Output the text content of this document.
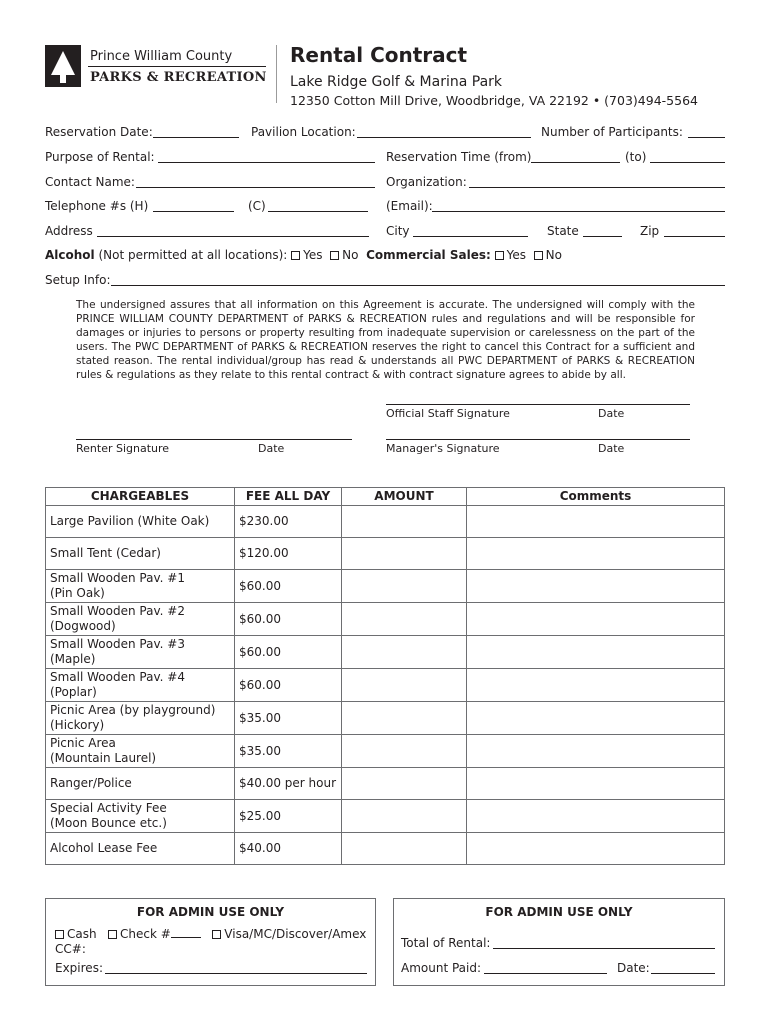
Prince William County
PARKS & RECREATION
Rental Contract
Lake Ridge Golf & Marina Park
12350 Cotton Mill Drive, Woodbridge, VA 22192 • (703)494-5564
Reservation Date:	Pavilion Location:	Number of Participants:
Purpose of Rental:	Reservation Time (from)	(to)
Contact Name:	Organization:
Telephone #s (H)	(C)	(Email):
Address	City	State	Zip
Alcohol (Not permitted at all locations): Yes No Commercial Sales: Yes No
Setup Info:
The undersigned assures that all information on this Agreement is accurate. The undersigned will comply with the PRINCE WILLIAM COUNTY DEPARTMENT of PARKS & RECREATION rules and regulations and will be responsible for damages or injuries to persons or property resulting from inadequate supervision or carelessness on the part of the users. The PWC DEPARTMENT of PARKS & RECREATION reserves the right to cancel this Contract for a sufficient and stated reason. The rental individual/group has read & understands all PWC DEPARTMENT of PARKS & RECREATION rules & regulations as they relate to this rental contract & with contract signature agrees to abide by all.
Official Staff Signature	Date
Renter Signature	Date	Manager's Signature	Date
CHARGEABLES	FEE ALL DAY	AMOUNT	Comments
Large Pavilion (White Oak)	$230.00		
Small Tent (Cedar)	$120.00		
Small Wooden Pav. #1
(Pin Oak)	$60.00		
Small Wooden Pav. #2
(Dogwood)	$60.00		
Small Wooden Pav. #3
(Maple)	$60.00		
Small Wooden Pav. #4
(Poplar)	$60.00		
Picnic Area (by playground)
(Hickory)	$35.00		
Picnic Area
(Mountain Laurel)	$35.00		
Ranger/Police	$40.00 per hour		
Special Activity Fee
(Moon Bounce etc.)	$25.00		
Alcohol Lease Fee	$40.00		
FOR ADMIN USE ONLY
Cash Check #	Visa/MC/Discover/Amex
CC#:
Expires:
FOR ADMIN USE ONLY
Total of Rental:
Amount Paid:	Date:
